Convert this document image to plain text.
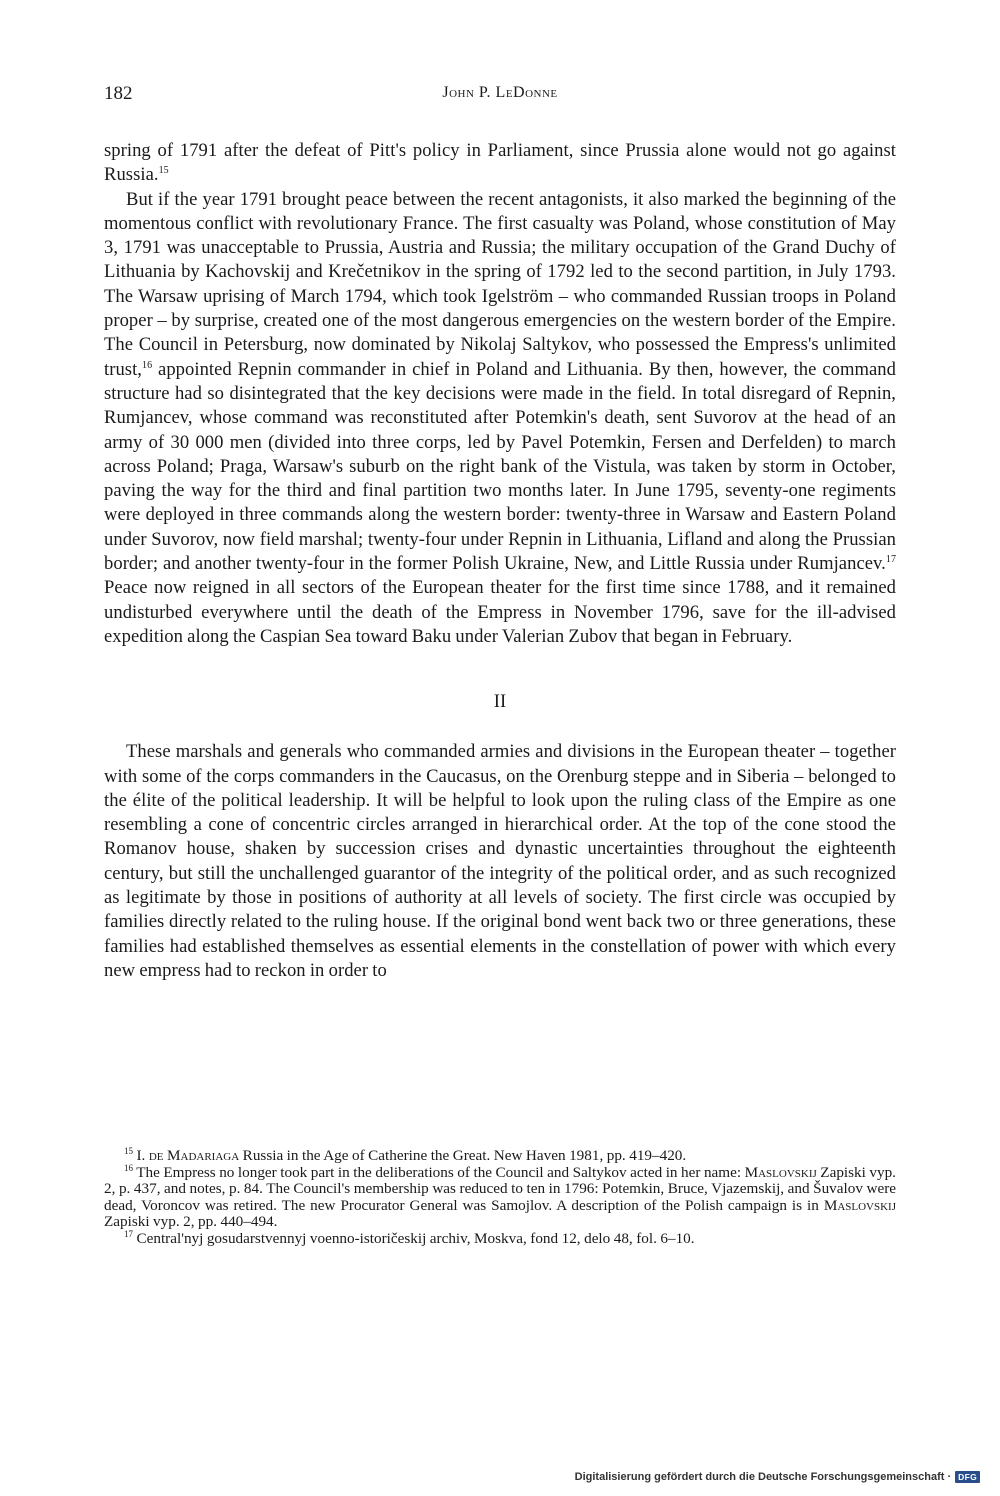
182	John P. LeDonne

spring of 1791 after the defeat of Pitt's policy in Parliament, since Prussia alone would not go against Russia.$^{15}$

But if the year 1791 brought peace between the recent antagonists, it also marked the beginning of the momentous conflict with revolutionary France. The first casualty was Poland, whose constitution of May 3, 1791 was unacceptable to Prussia, Austria and Russia; the military occupation of the Grand Duchy of Lithuania by Kachovskij and Krečetnikov in the spring of 1792 led to the second partition, in July 1793. The Warsaw uprising of March 1794, which took Igelström – who commanded Russian troops in Poland proper – by surprise, created one of the most dangerous emergencies on the western border of the Empire. The Council in Petersburg, now dominated by Nikolaj Saltykov, who possessed the Empress's unlimited trust,$^{16}$ appointed Repnin commander in chief in Poland and Lithuania. By then, however, the command structure had so disintegrated that the key decisions were made in the field. In total disregard of Repnin, Rumjancev, whose command was reconstituted after Potemkin's death, sent Suvorov at the head of an army of 30 000 men (divided into three corps, led by Pavel Potemkin, Fersen and Derfelden) to march across Poland; Praga, Warsaw's suburb on the right bank of the Vistula, was taken by storm in October, paving the way for the third and final partition two months later. In June 1795, seventy-one regiments were deployed in three commands along the western border: twenty-three in Warsaw and Eastern Poland under Suvorov, now field marshal; twenty-four under Repnin in Lithuania, Lifland and along the Prussian border; and another twenty-four in the former Polish Ukraine, New, and Little Russia under Rumjancev.$^{17}$ Peace now reigned in all sectors of the European theater for the first time since 1788, and it remained undisturbed everywhere until the death of the Empress in November 1796, save for the ill-advised expedition along the Caspian Sea toward Baku under Valerian Zubov that began in February.

II

These marshals and generals who commanded armies and divisions in the European theater – together with some of the corps commanders in the Caucasus, on the Orenburg steppe and in Siberia – belonged to the élite of the political leadership. It will be helpful to look upon the ruling class of the Empire as one resembling a cone of concentric circles arranged in hierarchical order. At the top of the cone stood the Romanov house, shaken by succession crises and dynastic uncertainties throughout the eighteenth century, but still the unchallenged guarantor of the integrity of the political order, and as such recognized as legitimate by those in positions of authority at all levels of society. The first circle was occupied by families directly related to the ruling house. If the original bond went back two or three generations, these families had established themselves as essential elements in the constellation of power with which every new empress had to reckon in order to

$^{15}$ I. de Madariaga Russia in the Age of Catherine the Great. New Haven 1981, pp. 419–420.

$^{16}$ The Empress no longer took part in the deliberations of the Council and Saltykov acted in her name: Maslovskij Zapiski vyp. 2, p. 437, and notes, p. 84. The Council's membership was reduced to ten in 1796: Potemkin, Bruce, Vjazemskij, and Šuvalov were dead, Voroncov was retired. The new Procurator General was Samojlov. A description of the Polish campaign is in Maslovskij Zapiski vyp. 2, pp. 440–494.

$^{17}$ Central'nyj gosudarstvennyj voenno-istoričeskij archiv, Moskva, fond 12, delo 48, fol. 6–10.

Digitalisierung gefördert durch die Deutsche Forschungsgemeinschaft · DFG
